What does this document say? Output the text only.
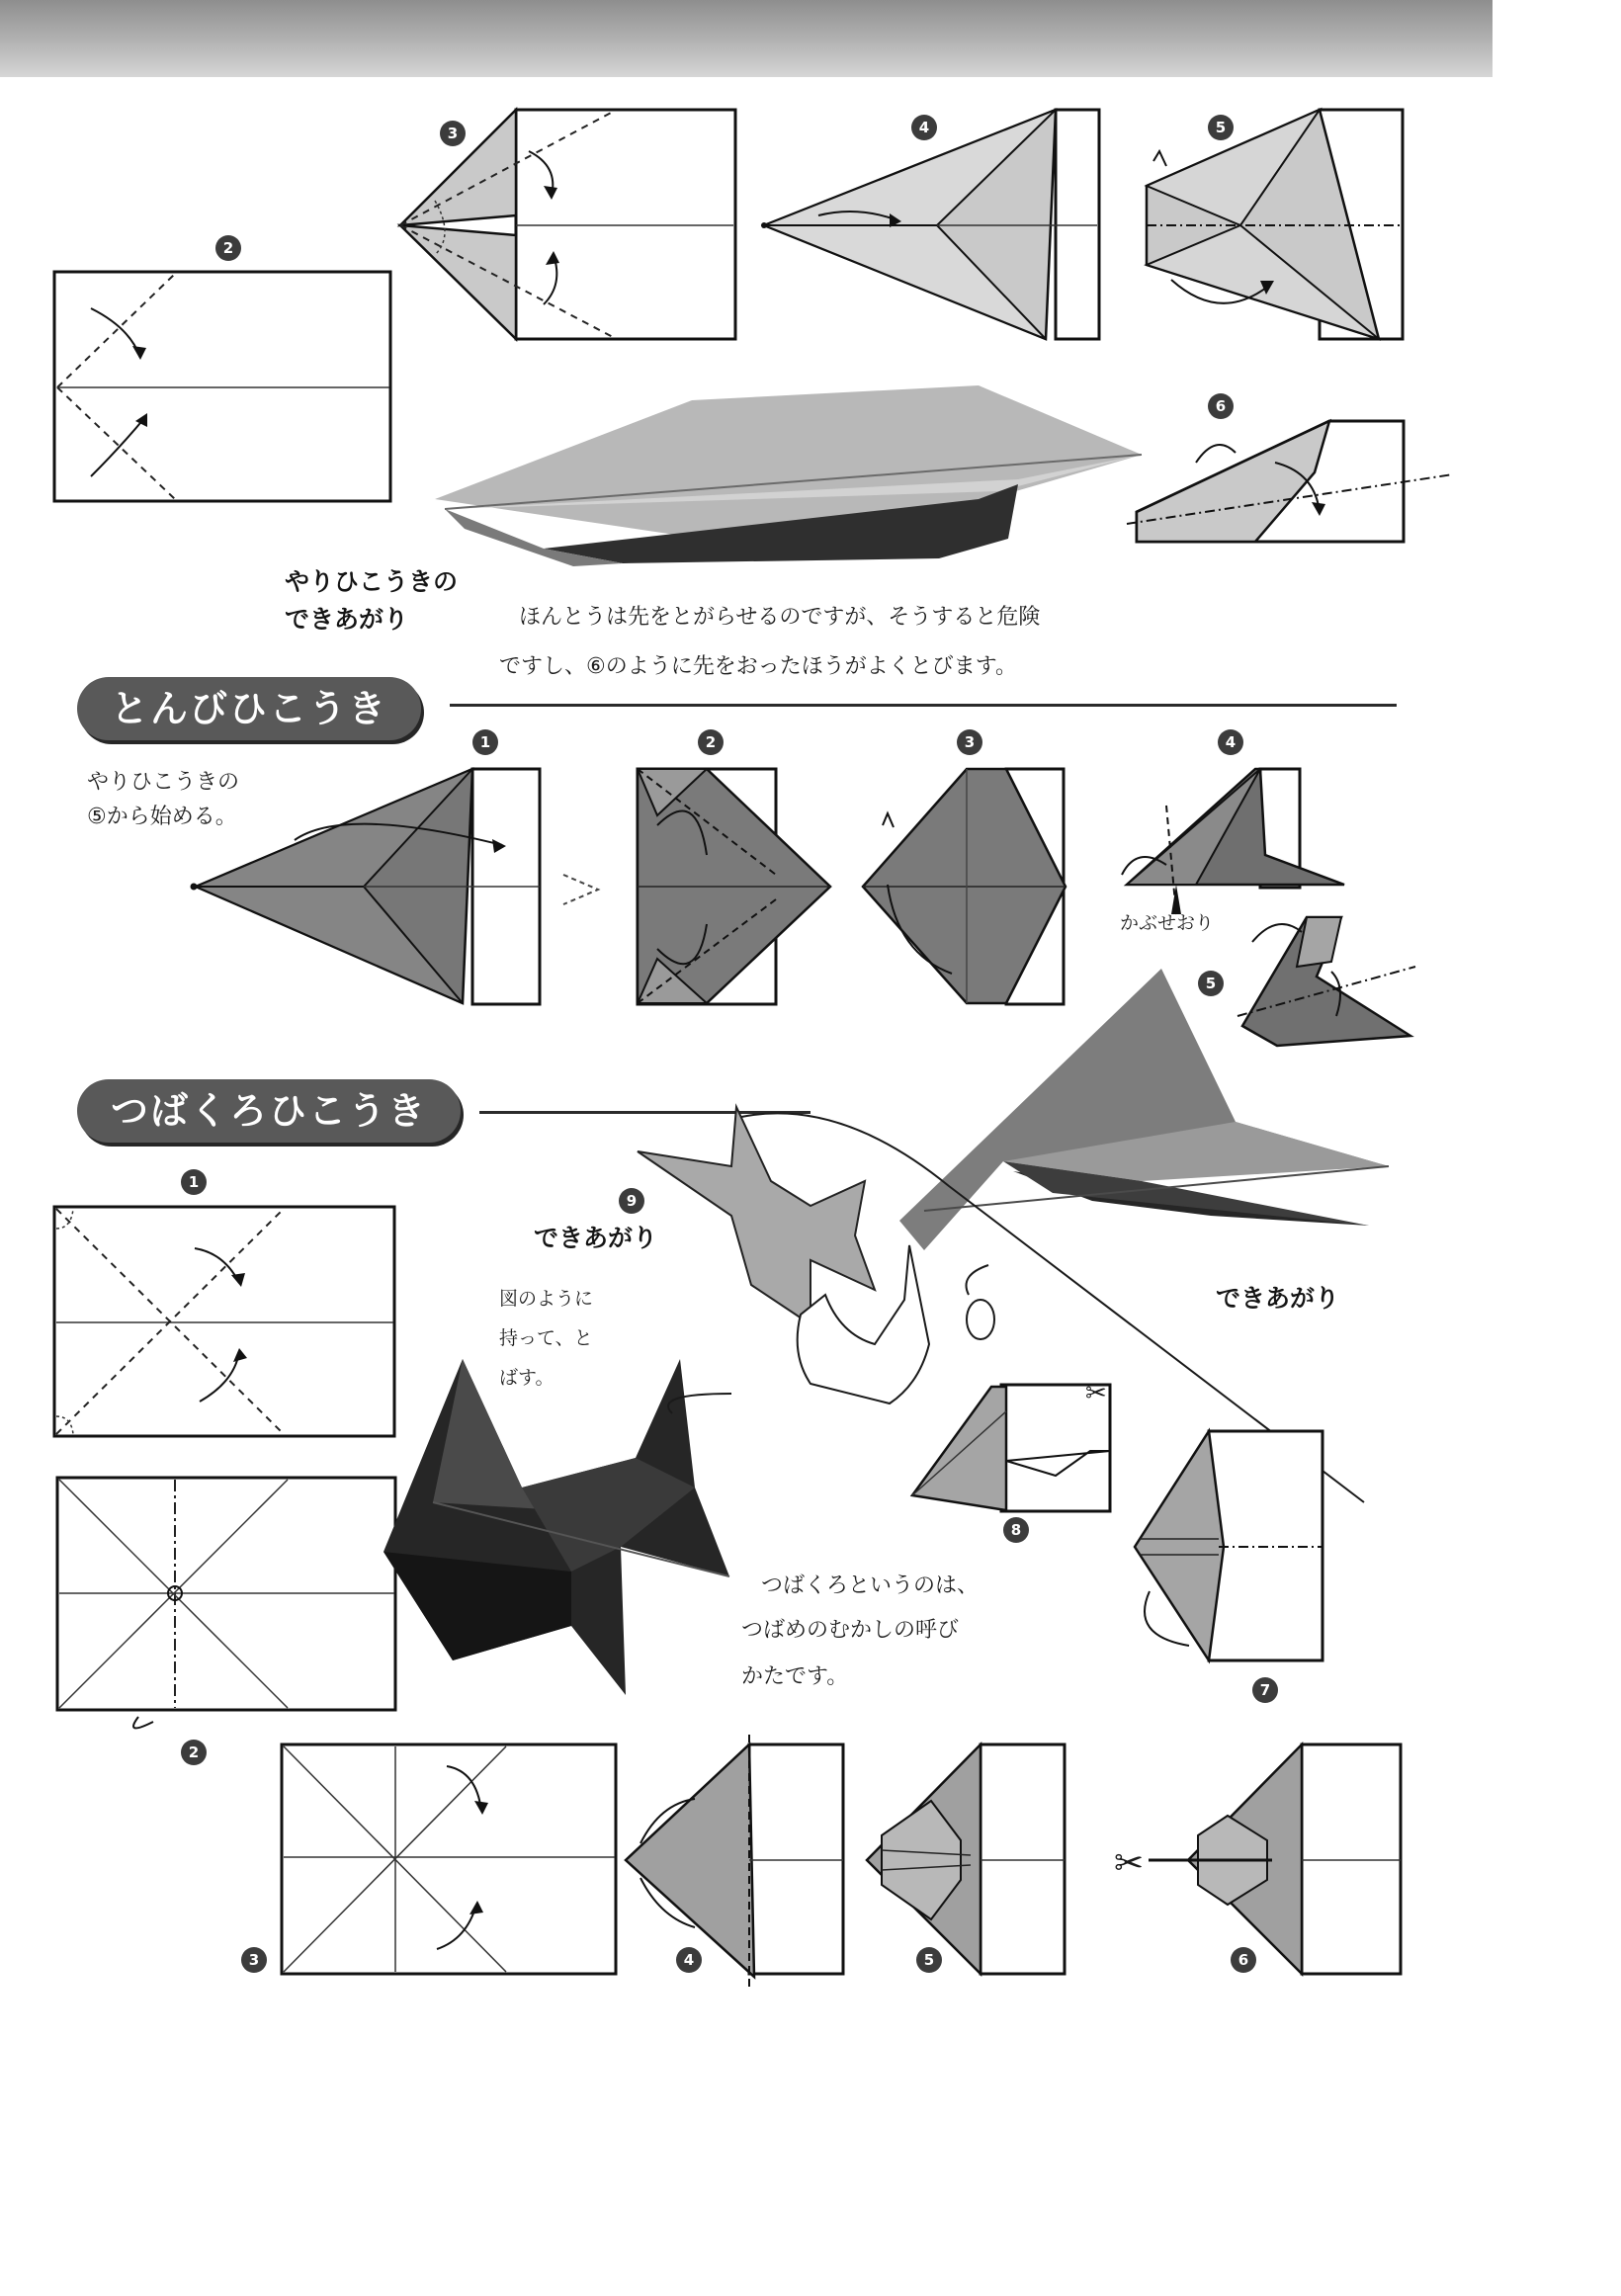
2
3	4	5
6
やりひこうきの
できあがり	ほんとうは先をとがらせるのですが、そうすると危険
ですし、⑥のように先をおったほうがよくとびます。
とんびひこうき
やりひこうきの
⑤から始める。
1	2	3	4
かぶせおり
5
できあがり
つばくろひこうき
1
2
9
できあがり
図のように
持って、と
ばす。
✂
8
7
つばくろというのは、
つばめのむかしの呼び
かたです。
3	4	5
✂
6
